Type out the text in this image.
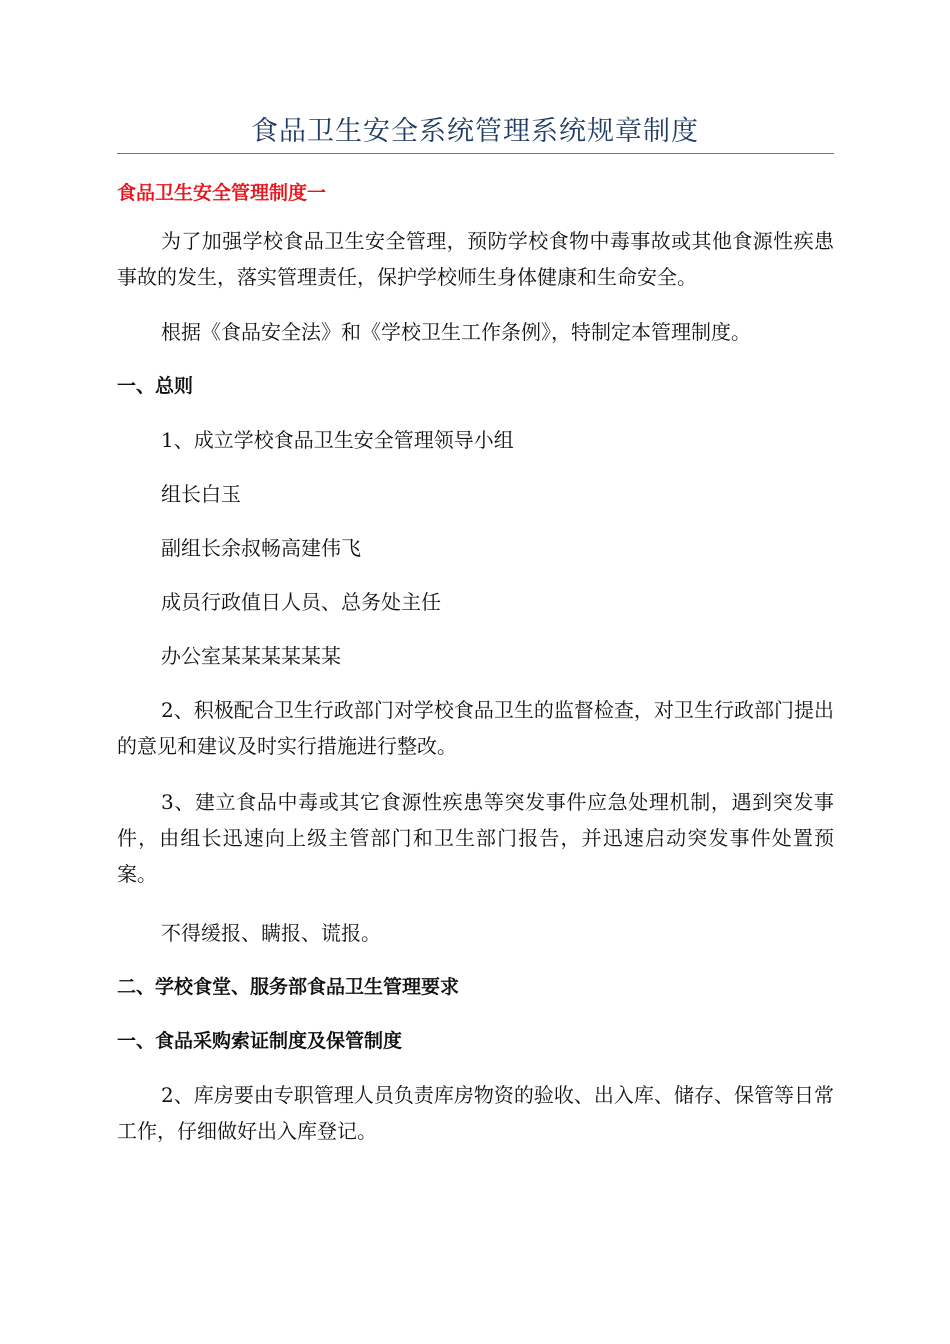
食品卫生安全系统管理系统规章制度
食品卫生安全管理制度一

为了加强学校食品卫生安全管理，预防学校食物中毒事故或其他食源性疾患事故的发生，落实管理责任，保护学校师生身体健康和生命安全。

根据《食品安全法》和《学校卫生工作条例》，特制定本管理制度。

一、总则
1、成立学校食品卫生安全管理领导小组
组长白玉
副组长余叔畅高建伟飞
成员行政值日人员、总务处主任
办公室某某某某某某

2、积极配合卫生行政部门对学校食品卫生的监督检查，对卫生行政部门提出的意见和建议及时实行措施进行整改。

3、建立食品中毒或其它食源性疾患等突发事件应急处理机制，遇到突发事件，由组长迅速向上级主管部门和卫生部门报告，并迅速启动突发事件处置预案。

不得缓报、瞒报、谎报。
二、学校食堂、服务部食品卫生管理要求
一、食品采购索证制度及保管制度

2、库房要由专职管理人员负责库房物资的验收、出入库、储存、保管等日常工作，仔细做好出入库登记。
